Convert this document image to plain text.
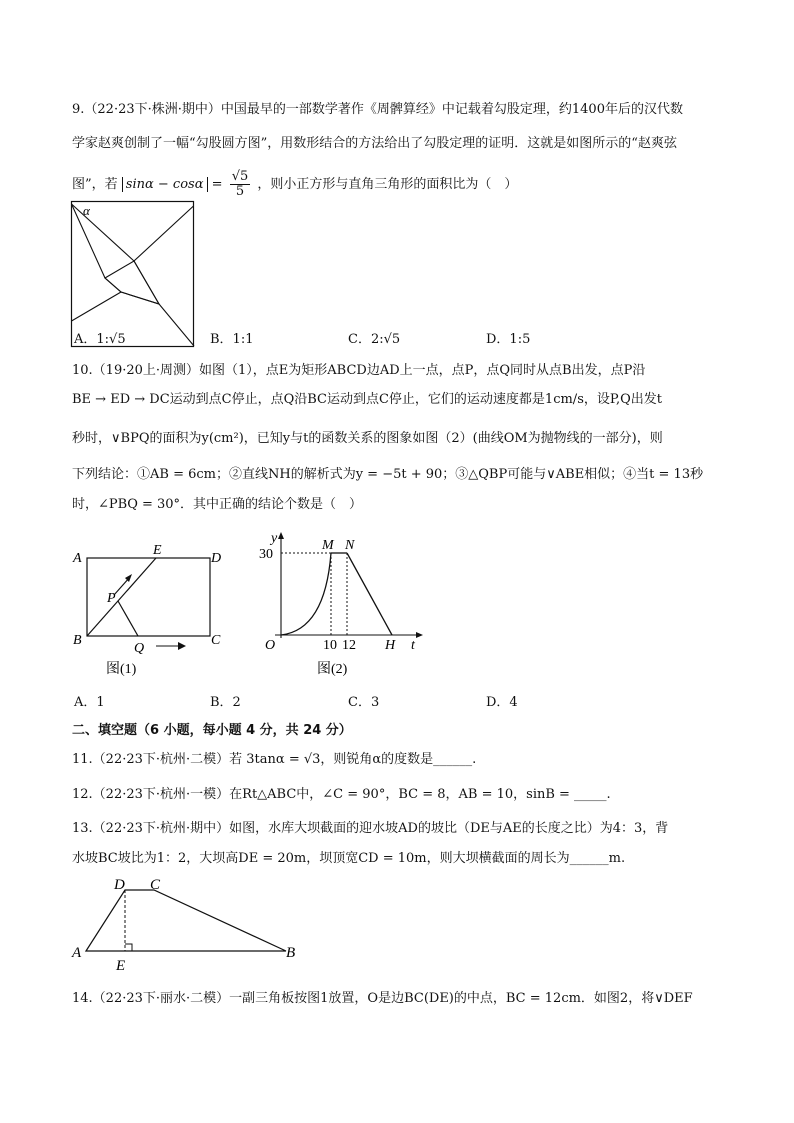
9.（22·23下·株洲·期中）中国最早的一部数学著作《周髀算经》中记载着勾股定理，约1400年后的汉代数
学家赵爽创制了一幅“勾股圆方图”，用数形结合的方法给出了勾股定理的证明．这就是如图所示的“赵爽弦
图”，若 $\sin\alpha - \cos\alpha = \frac{√5}{5}$ ，则小正方形与直角三角形的面积比为（　）
α
A．1:√5	B．1:1	C．2:√5	D．1:5
10.（19·20上·周测）如图（1），点E为矩形ABCD边AD上一点，点P，点Q同时从点B出发，点P沿
BE → ED → DC运动到点C停止，点Q沿BC运动到点C停止，它们的运动速度都是1cm/s，设P,Q出发t
秒时，∨BPQ的面积为y(cm²)，已知y与t的函数关系的图象如图（2）(曲线OM为抛物线的一部分)，则
下列结论：①AB = 6cm；②直线NH的解析式为y = −5t + 90；③△QBP可能与∨ABE相似；④当t = 13秒
时，∠PBQ = 30°．其中正确的结论个数是（　）
A
E
D
P
B
Q
C
图(1)
y
30
M N
O	10 12 H t
图(2)
A．1	B．2	C．3	D．4
二、填空题（6 小题，每小题 4 分，共 24 分）
11.（22·23下·杭州·二模）若 3tanα = √3，则锐角α的度数是______.
12.（22·23下·杭州·一模）在Rt△ABC中，∠C = 90°，BC = 8，AB = 10，sinB = _____.
13.（22·23下·杭州·期中）如图，水库大坝截面的迎水坡AD的坡比（DE与AE的长度之比）为4：3，背
水坡BC坡比为1：2，大坝高DE = 20m，坝顶宽CD = 10m，则大坝横截面的周长为______m.
D C
A
E
B
14.（22·23下·丽水·二模）一副三角板按图1放置，O是边BC(DE)的中点，BC = 12cm．如图2，将∨DEF
